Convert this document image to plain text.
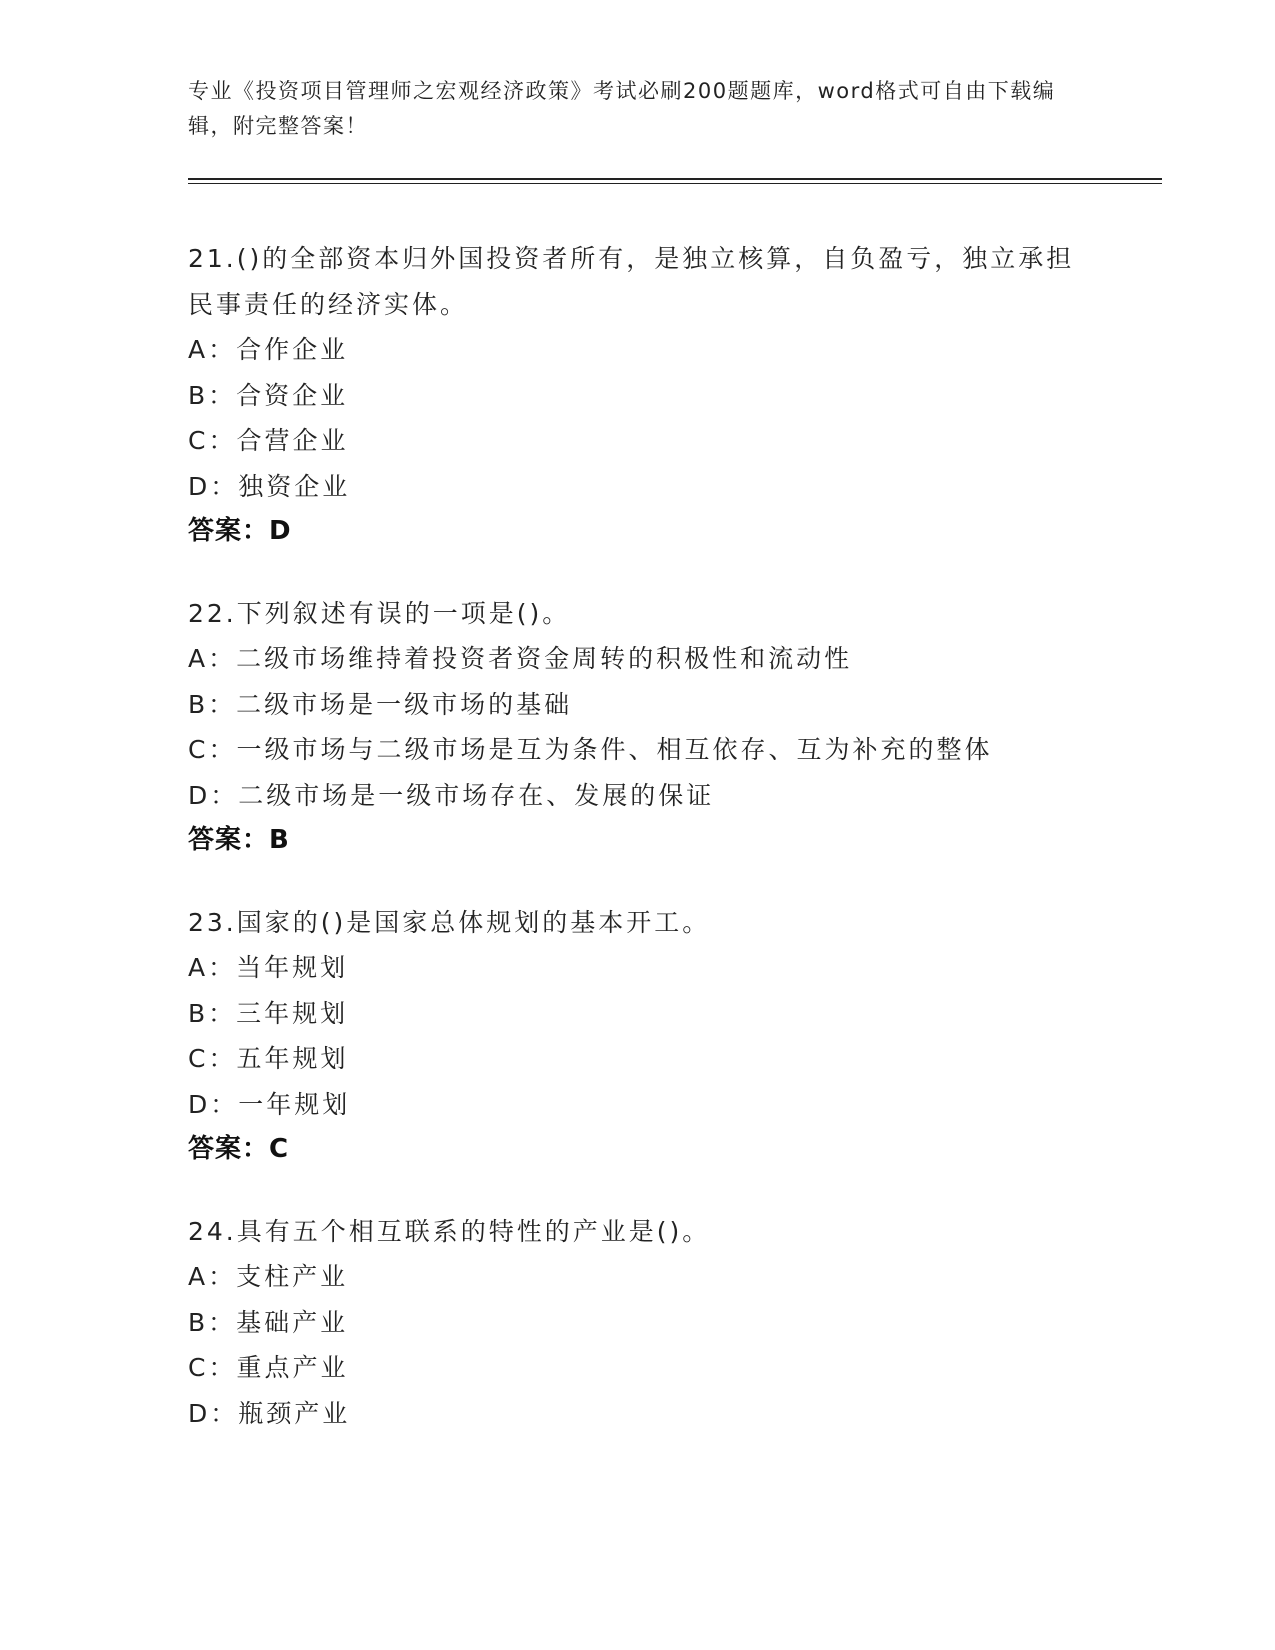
专业《投资项目管理师之宏观经济政策》考试必刷200题题库，word格式可自由下载编辑，附完整答案！
21.()的全部资本归外国投资者所有，是独立核算，自负盈亏，独立承担民事责任的经济实体。
A：合作企业
B：合资企业
C：合营企业
D：独资企业
答案：D
22.下列叙述有误的一项是()。
A：二级市场维持着投资者资金周转的积极性和流动性
B：二级市场是一级市场的基础
C：一级市场与二级市场是互为条件、相互依存、互为补充的整体
D：二级市场是一级市场存在、发展的保证
答案：B
23.国家的()是国家总体规划的基本开工。
A：当年规划
B：三年规划
C：五年规划
D：一年规划
答案：C
24.具有五个相互联系的特性的产业是()。
A：支柱产业
B：基础产业
C：重点产业
D：瓶颈产业
